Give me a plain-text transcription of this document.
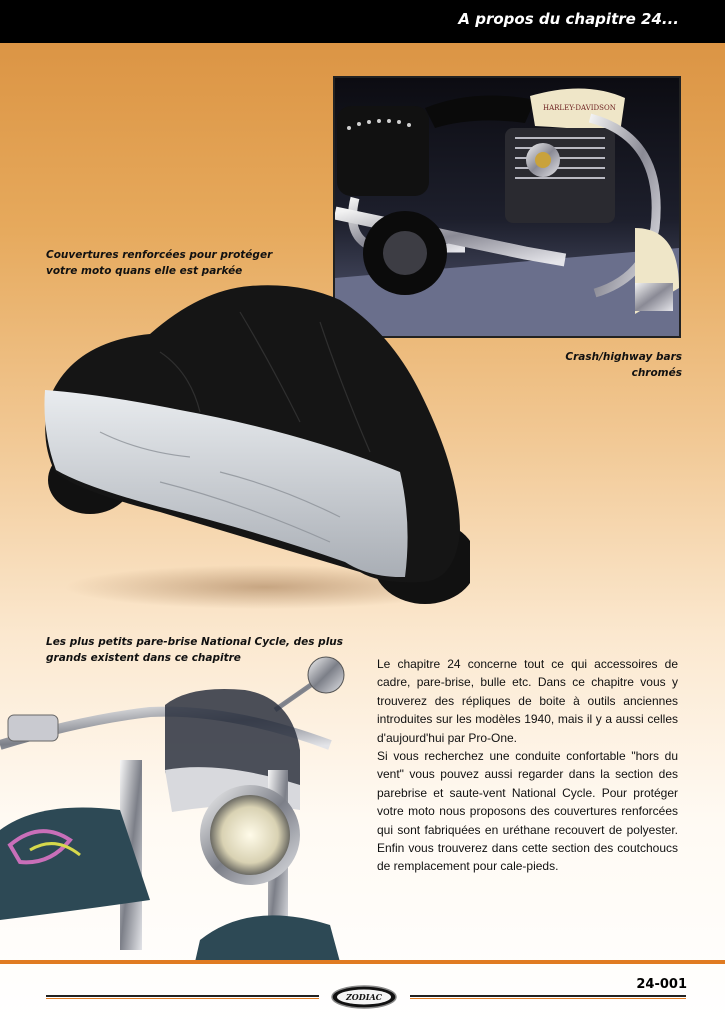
A propos du chapitre 24...
HARLEY-DAVIDSON
Couvertures renforcées pour protéger votre moto quans elle est parkée
Crash/highway bars chromés
Les plus petits pare-brise National Cycle, des plus grands existent dans ce chapitre	Le chapitre 24 concerne tout ce qui accessoires de cadre, pare-brise, bulle etc. Dans ce chapitre vous y trouverez des répliques de boite à outils anciennes introduites sur les modèles 1940, mais il y a aussi celles d'aujourd'hui par Pro-One.

Si vous recherchez une conduite confortable "hors du vent" vous pouvez aussi regarder dans la section des parebrise et saute-vent National Cycle. Pour protéger votre moto nous proposons des couvertures renforcées qui sont fabriquées en uréthane recouvert de polyester. Enfin vous trouverez dans cette section des coutchoucs de remplacement pour cale-pieds.

24-001
ZODIAC
